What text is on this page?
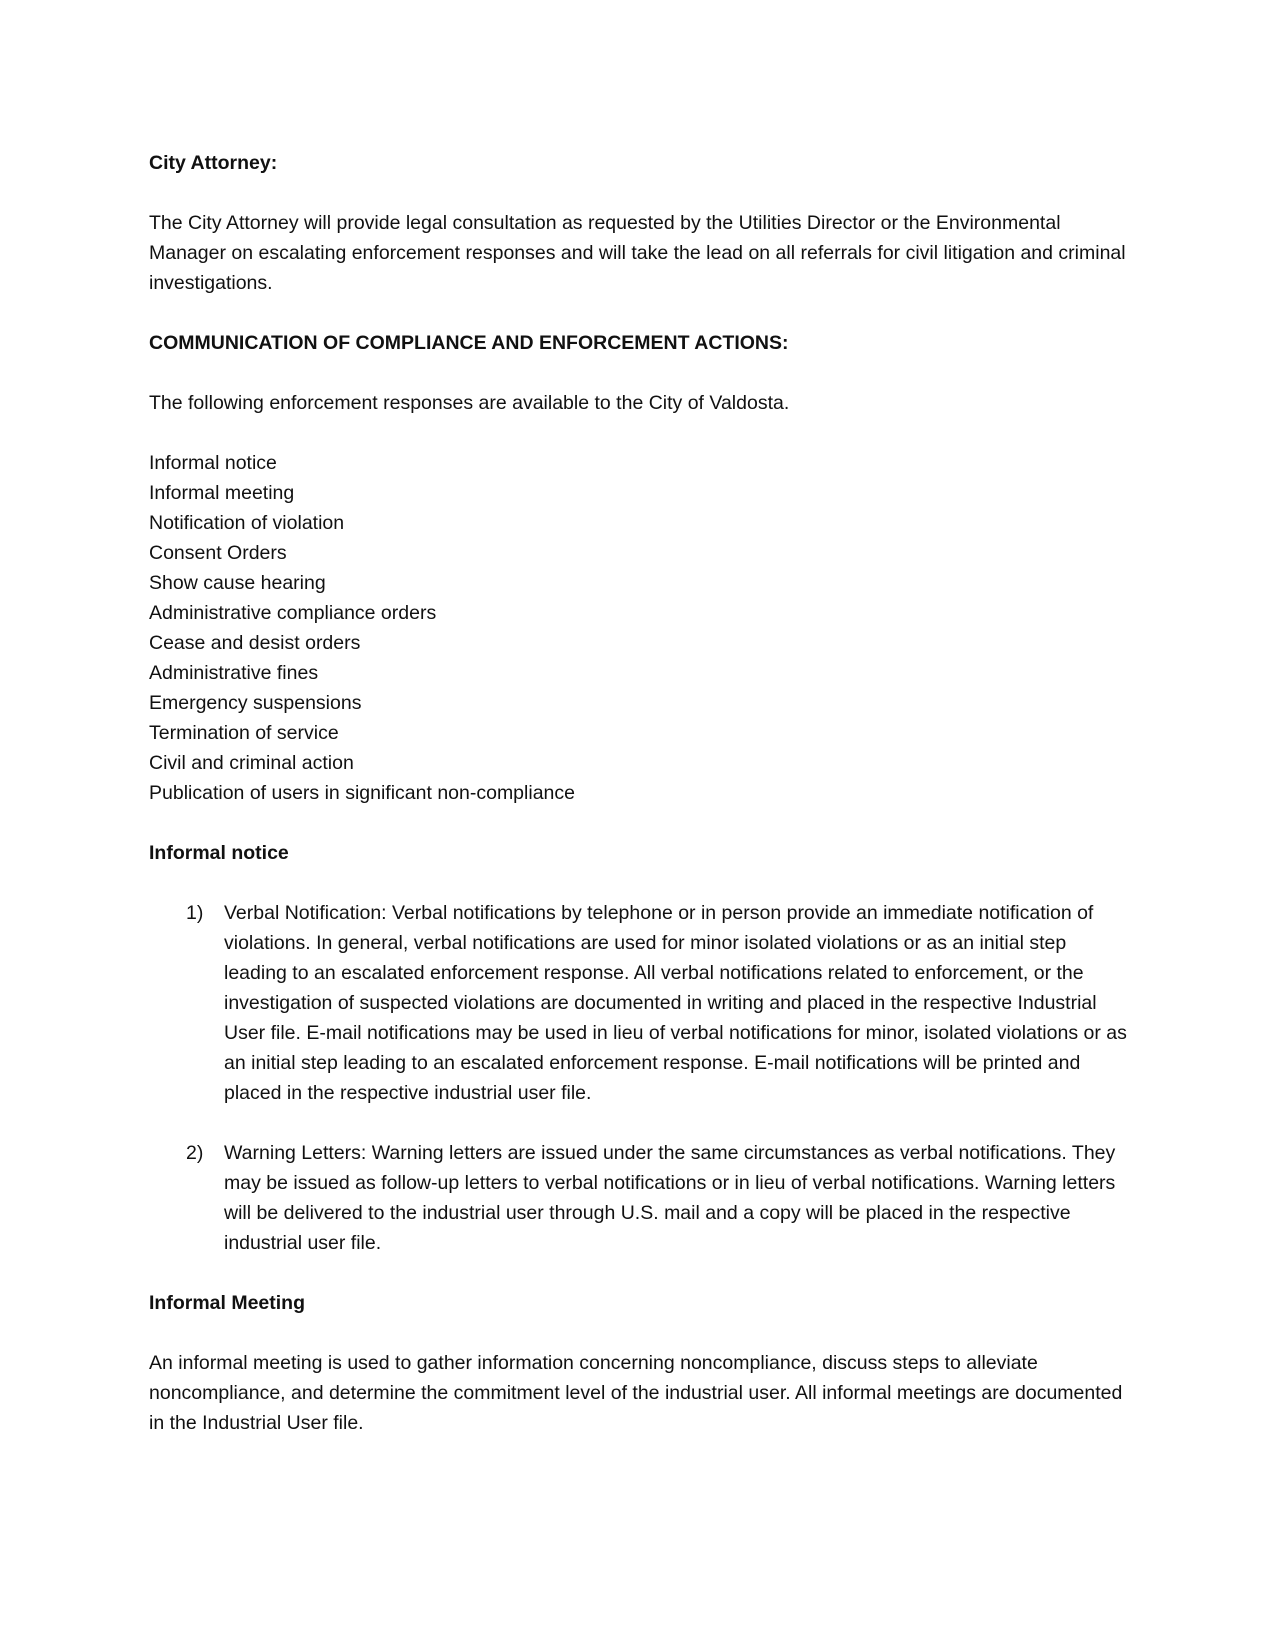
City Attorney:

The City Attorney will provide legal consultation as requested by the Utilities Director or the Environmental Manager on escalating enforcement responses and will take the lead on all referrals for civil litigation and criminal investigations.

COMMUNICATION OF COMPLIANCE AND ENFORCEMENT ACTIONS:

The following enforcement responses are available to the City of Valdosta.

Informal notice
Informal meeting
Notification of violation
Consent Orders
Show cause hearing
Administrative compliance orders
Cease and desist orders
Administrative fines
Emergency suspensions
Termination of service
Civil and criminal action
Publication of users in significant non-compliance

Informal notice

1) Verbal Notification: Verbal notifications by telephone or in person provide an immediate notification of violations. In general, verbal notifications are used for minor isolated violations or as an initial step leading to an escalated enforcement response. All verbal notifications related to enforcement, or the investigation of suspected violations are documented in writing and placed in the respective Industrial User file. E-mail notifications may be used in lieu of verbal notifications for minor, isolated violations or as an initial step leading to an escalated enforcement response. E-mail notifications will be printed and placed in the respective industrial user file.
2) Warning Letters: Warning letters are issued under the same circumstances as verbal notifications. They may be issued as follow-up letters to verbal notifications or in lieu of verbal notifications. Warning letters will be delivered to the industrial user through U.S. mail and a copy will be placed in the respective industrial user file.

Informal Meeting

An informal meeting is used to gather information concerning noncompliance, discuss steps to alleviate noncompliance, and determine the commitment level of the industrial user. All informal meetings are documented in the Industrial User file.
